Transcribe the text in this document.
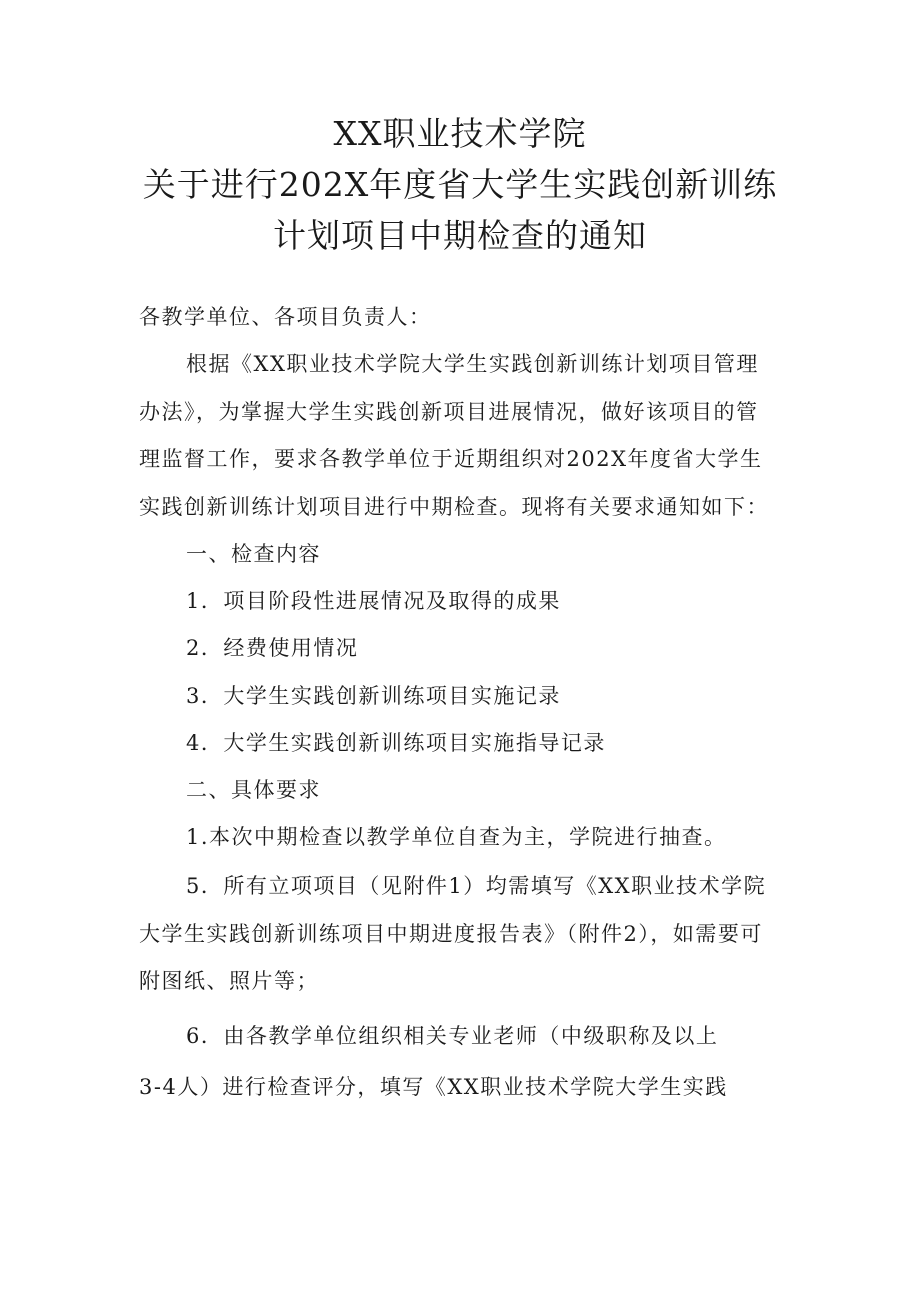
XX职业技术学院
关于进行202X年度省大学生实践创新训练
计划项目中期检查的通知
各教学单位、各项目负责人：
根据《XX职业技术学院大学生实践创新训练计划项目管理
办法》，为掌握大学生实践创新项目进展情况，做好该项目的管
理监督工作，要求各教学单位于近期组织对202X年度省大学生
实践创新训练计划项目进行中期检查。现将有关要求通知如下：
一、检查内容
1．项目阶段性进展情况及取得的成果
2．经费使用情况
3．大学生实践创新训练项目实施记录
4．大学生实践创新训练项目实施指导记录
二、具体要求
1.本次中期检查以教学单位自查为主，学院进行抽查。
5．所有立项项目（见附件1）均需填写《XX职业技术学院
大学生实践创新训练项目中期进度报告表》（附件2），如需要可
附图纸、照片等；
6．由各教学单位组织相关专业老师（中级职称及以上
3-4人）进行检查评分，填写《XX职业技术学院大学生实践
